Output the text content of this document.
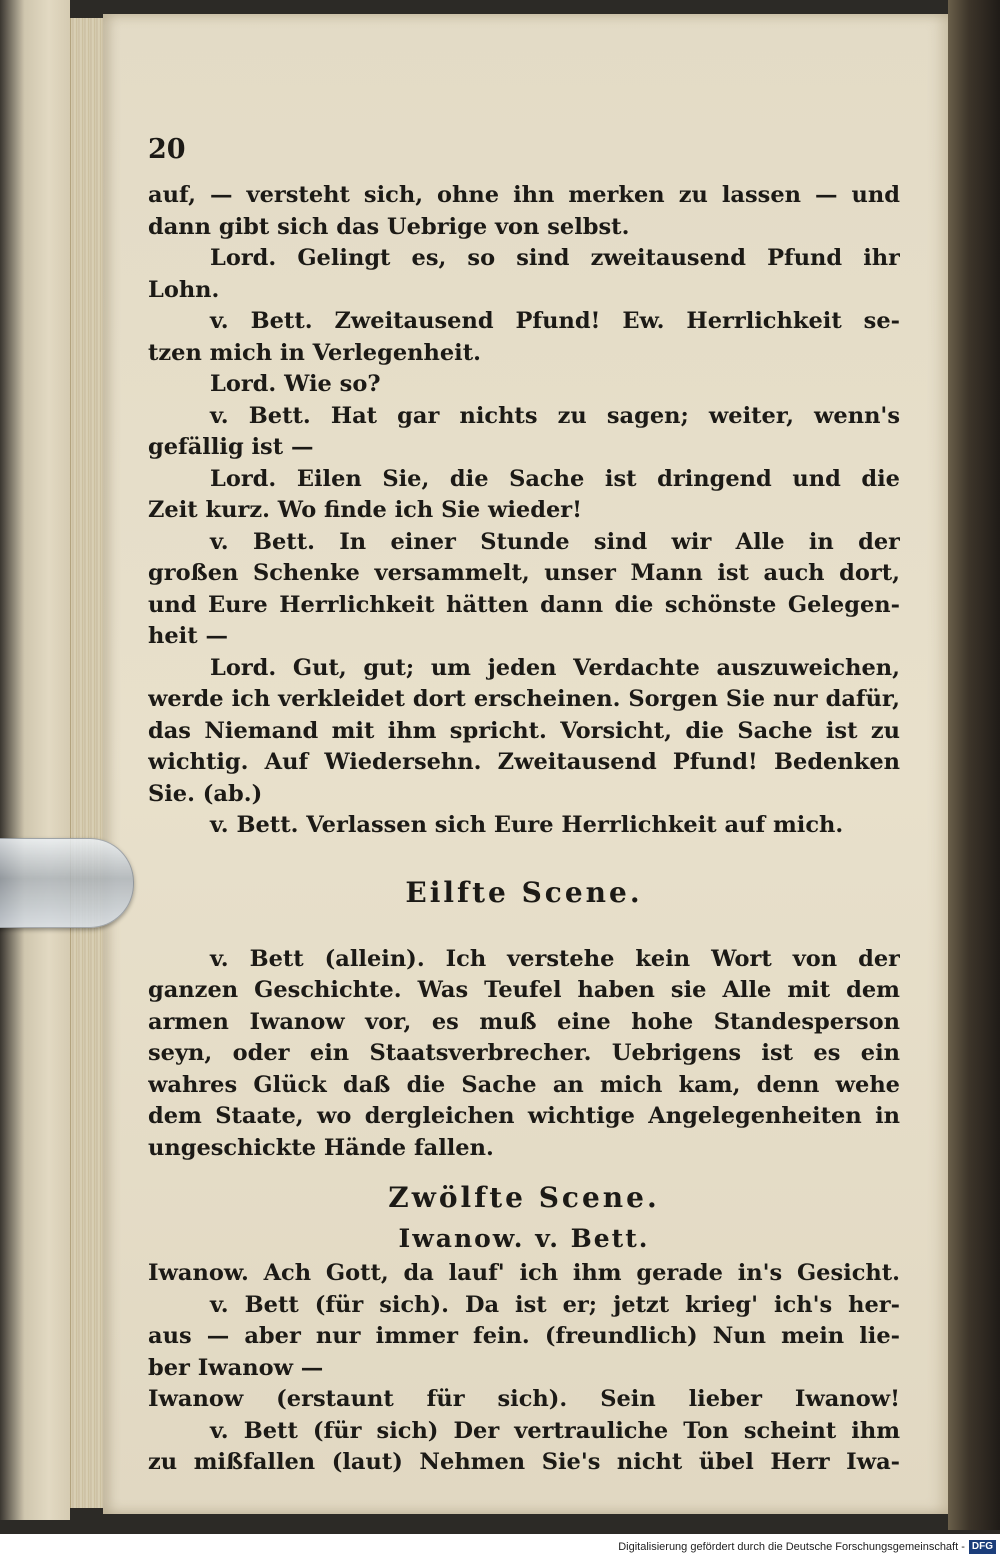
20
auf, — versteht sich, ohne ihn merken zu lassen — und
dann gibt sich das Uebrige von selbst.
Lord. Gelingt es, so sind zweitausend Pfund ihr
Lohn.
v. Bett. Zweitausend Pfund! Ew. Herrlichkeit se-
tzen mich in Verlegenheit.
Lord. Wie so?
v. Bett. Hat gar nichts zu sagen; weiter, wenn's
gefällig ist —
Lord. Eilen Sie, die Sache ist dringend und die
Zeit kurz. Wo finde ich Sie wieder!
v. Bett. In einer Stunde sind wir Alle in der
großen Schenke versammelt, unser Mann ist auch dort,
und Eure Herrlichkeit hätten dann die schönste Gelegen-
heit —
Lord. Gut, gut; um jeden Verdachte auszuweichen,
werde ich verkleidet dort erscheinen. Sorgen Sie nur dafür,
das Niemand mit ihm spricht. Vorsicht, die Sache ist zu
wichtig. Auf Wiedersehn. Zweitausend Pfund! Bedenken
Sie. (ab.)
v. Bett. Verlassen sich Eure Herrlichkeit auf mich.
Eilfte Scene.
v. Bett (allein). Ich verstehe kein Wort von der
ganzen Geschichte. Was Teufel haben sie Alle mit dem
armen Iwanow vor, es muß eine hohe Standesperson
seyn, oder ein Staatsverbrecher. Uebrigens ist es ein
wahres Glück daß die Sache an mich kam, denn wehe
dem Staate, wo dergleichen wichtige Angelegenheiten in
ungeschickte Hände fallen.
Zwölfte Scene.
Iwanow. v. Bett.
Iwanow. Ach Gott, da lauf' ich ihm gerade in's Gesicht.
v. Bett (für sich). Da ist er; jetzt krieg' ich's her-
aus — aber nur immer fein. (freundlich) Nun mein lie-
ber Iwanow —
Iwanow (erstaunt für sich). Sein lieber Iwanow!
v. Bett (für sich) Der vertrauliche Ton scheint ihm
zu mißfallen (laut) Nehmen Sie's nicht übel Herr Iwa-
Digitalisierung gefördert durch die Deutsche Forschungsgemeinschaft - DFG
